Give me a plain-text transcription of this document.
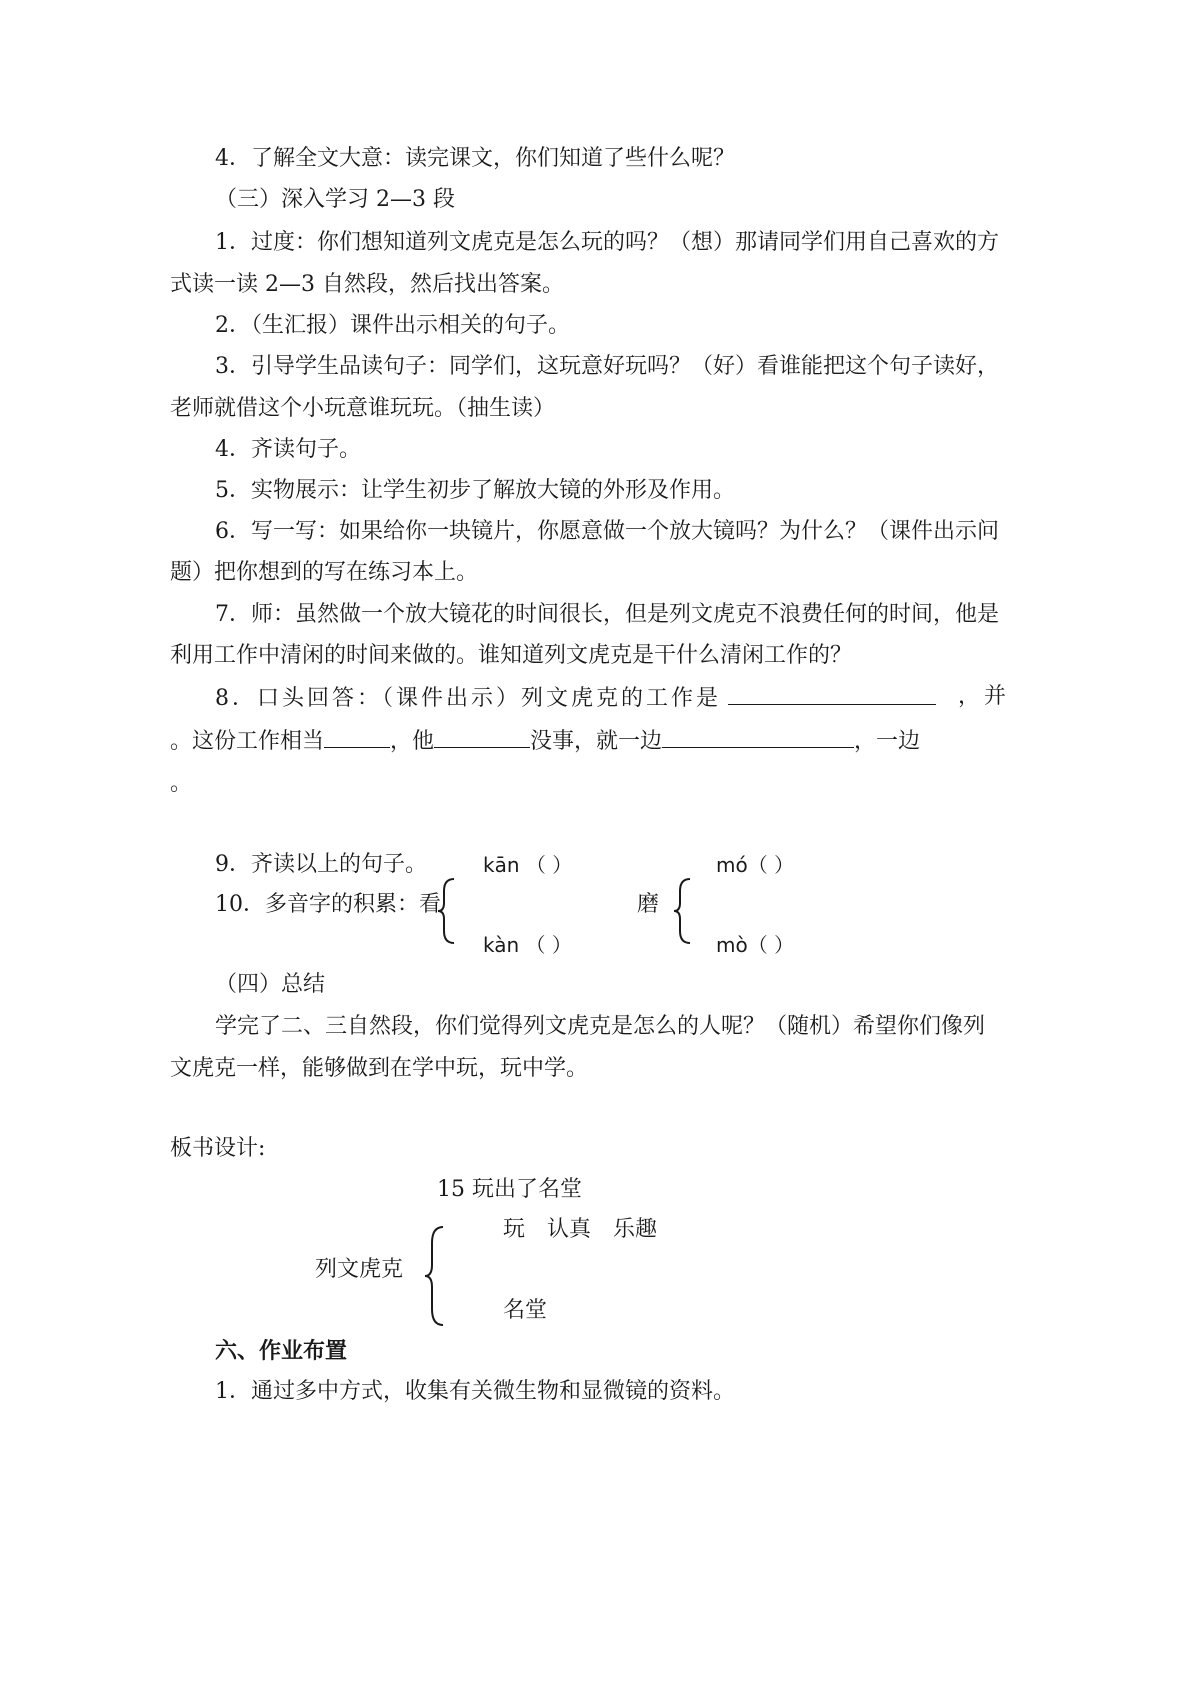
4．了解全文大意：读完课文，你们知道了些什么呢？
（三）深入学习 2—3 段
1．过度：你们想知道列文虎克是怎么玩的吗？（想）那请同学们用自己喜欢的方
式读一读 2—3 自然段，然后找出答案。
2．（生汇报）课件出示相关的句子。
3．引导学生品读句子：同学们，这玩意好玩吗？（好）看谁能把这个句子读好，
老师就借这个小玩意谁玩玩。（抽生读）
4．齐读句子。
5．实物展示：让学生初步了解放大镜的外形及作用。
6．写一写：如果给你一块镜片，你愿意做一个放大镜吗？为什么？（课件出示问
题）把你想到的写在练习本上。
7．师：虽然做一个放大镜花的时间很长，但是列文虎克不浪费任何的时间，他是
利用工作中清闲的时间来做的。谁知道列文虎克是干什么清闲工作的？
8．口头回答：（课件出示）列文虎克的工作是	，并
。这份工作相当	，他	没事，就一边	，一边
。
9．齐读以上的句子。	kān （ ）	mó（ ）
10．多音字的积累：看	磨
kàn （ ）	mò（ ）
（四）总结
学完了二、三自然段，你们觉得列文虎克是怎么的人呢？（随机）希望你们像列
文虎克一样，能够做到在学中玩，玩中学。
板书设计:
15 玩出了名堂
玩　认真　乐趣
列文虎克
名堂
六、作业布置
1．通过多中方式，收集有关微生物和显微镜的资料。
